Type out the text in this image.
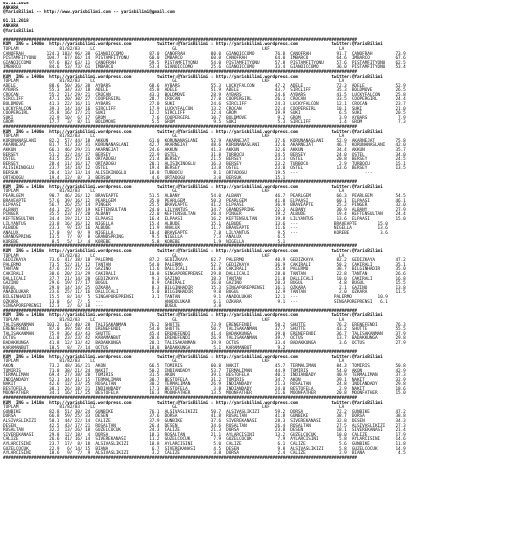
01.11.2018
ANKARA
@YarisBilimi -- http://www.yarisbilimi.com -- yarisbilimi@gmail.com
01.11.2018
ANKARA
@YarisBilimi
##########################################################################################################################################
KUM  ING = 1400m  http://yarisbilimi.wordpress.com          twitter:@YarisBilimi : http://yarisbilimi.wordpress.com             twitter:@YarisBilimi
TOPLAM                81/82/83    LC                              GL                                 LKF                           LA
CANOFRAH         124.3 103/ 96/ 38  GIANOICCOMO          87.0  CANOFRAH          80.0  GIANOICCOMO        76.8  CANOFRAH          91.7  CANOFRAH         73.9
PISTAMFITYONU    104.7  67/ 66/ 14  PISTAMFITYONU        60.0  IMBARCO           60.0  CANOFRAH           64.0  IMBARCO           64.6  IMBARCO          67.6
GIANOICCOMO       97.6  82/ 63/ 11  CANOFRAH             59.5  PISTAMFITYONU     54.0  PISTAMFITYONU      57.8  PISTAMFITYONU     57.6  PISTAMFITYONU    62.5
IMBARCO           84.6  53/ 73/ 61  IMBARCO              53.4  GIANOICCOMO       25.6  GIANOICCOMO        33.4  GIANOICCOMO       36.0  PISTAMFITYONU    53.4
##########################################################################################################################################
KUM  ING = 1400m  http://yarisbilimi.wordpress.com          twitter:@YarisBilimi : http://yarisbilimi.wordpress.com             twitter:@YarisBilimi
TOPLAM                81/82/83    LC                              GL                                 LKF                           LA
ADELE             88.6  50/ 36/ 38  AYBARS               68.6  AYBARS            55.3  LUCKYFALCON        47.2  ADELE             72.3  ADELE            52.9
AYBARS            55.3  34/ 33/ 18  ADELE                45.8  ADELE             51.9  ADELE              43.7  SIRCLIFF          35.3  BOLDMOVE         26.5
CROCAN            55.2  21/ 29/ 21  CROCAN               43.3  BOLDMOVE          28.9  AYBARS             24.6  AYBARS            41.5  LUCKYFALCON      25.8
SIRCLIFF          47.1  20/ 30/ 27  COOPERGIRL           28.7  CROCAN            27.0  COOPERGIRL         26.1  CROCAN            33.5  COOPERGIRL       24.4
BOLDMOVE          41.3  22/ 16/ 11  AYBARS               27.0  SUKI              24.6  SIRCLIFF           24.3  LUCKYFALCON       12.1  CROCAN           23.7
LUCKYFALCON       39.3  14/ 14/ 16  SIRCLIFF             17.9  LUCKYFALCON       13.2  CROCAN             22.4  COOPERGIRL        10.1  SUKI             21.0
COOPERGIRL        35.8  16/ 17/ 21  SUKI                 12.2  SIRCLIFF          12.4  GROM               19.9  SUKI               6.5  SUKI             20.5
SUKI              32.9  10/  6/ 17  GROM                  7.6  COOPERGIRL        10.7  BOLDMOVE            9.2  GROM               3.9  AYBARS            7.9
GROM              17.7   3/  8/ 11  BOLDMOVE              5.5  GROM               9.5  SUKI                5.3  SIRCLIFF           1.4  GROM              7.3
##########################################################################################################################################
KUM  ING = 1400m  http://yarisbilimi.wordpress.com          twitter:@YarisBilimi : http://yarisbilimi.wordpress.com             twitter:@YarisBilimi
TOPLAM                81/82/83    LC                              GL                                 LKF                           LA
KORUNANASLANI     82.2  57/ 44/ 18  AKKUN                61.0  KORUNANASLANI     52.9  AKARNEJAT          37.6  KORUNANASLANI     52.9  AKARNEJAT        75.8
AKARNEJAT         81.7  51/ 33/ 31  KORUNANASLANI        42.7  AKARNEJAT         48.6  KORUNANASLANI      32.6  AKARNEJAT         46.7  KORUNANASLANI    42.0
AKKUN             66.1  46/ 29/ 21  AKARNEJAT            24.6  AKKUN             41.3  AKKUN              32.6  AKKUN             34.4  AKKUN            35.7
BERSEY            51.2  32/ 24/ 37  BERSEY               22.9  OSTEL             31.8  TURBOCU            24.5  BERSEY            24.0  OSTEL            34.0
OSTEL             43.5  35/ 17/ 16  ORTADOGU             21.4  BERSEY            21.5  BERSEY             23.3  OSTEL             20.8  BERSEY           24.5
BERSEY            28.4  11/ 16/ 17  ORTADOGU             20.1  ALISIKINOGLU      16.3  BERSEY             23.2  TURBOCU            2.9  TURBOCU          15.1
ALISIKINOGLU      23.7  14/ 14/ 12  OSTEL                19.4  BERSEY            13.8  OSTEL              23.0  OSTEL             13.6  BERSEY           13.5
BERSUK            20.4  13/ 13/ 14  ALISIKINOGLU         18.8  TURBOCU            8.1  ORTADOGU           19.5  ---                          ---
ORTADOGU          19.4  12/  8/  3  BERSUK                4.6  ORTADOGU           3.0  BERSUK             15.1
##########################################################################################################################################
KUM  ING = 1410m  http://yarisbilimi.wordpress.com          twitter:@YarisBilimi : http://yarisbilimi.wordpress.com             twitter:@YarisBilimi
TOPLAM                81/82/83    LC                              GL                                 LKF                           LA
PEARLGEM          90.7  46/ 26/ 12  BRAVEAPTE            51.5  ALBANY            54.0  ALBANY             46.7  PEARLGEM          66.3  PEARLGEM         54.5
BRAVEAPTE         57.6  39/ 16/ 12  PEARLGEM             35.0  PEARLGEM          50.3  PEARLGEM           41.0  ELPAASI           60.1  ELPAASI          46.1
ELPAASI           56.7  26/ 25/ 14  PINGER               25.5  BRAVEAPTE         41.2  ELPAASI            36.9  BRAVEAPTE         25.2  PINGER           32.0
ALBANY            44.1  25/ 19/ 19  KEFTENSULTAN         24.0  LILYANTUS         34.7  GRANDSPRING        22.3  ALBANY            30.9  ALBANY           27.9
PINGER            35.5  23/ 17/ 20  ALBANY               22.0  KEFTENSULTAN      20.4  PINGER             19.2  ALBUDE            19.4  KEFTENSULTAN     24.4
KEFTENSULTAN      34.4  19/ 21/ 12  ELPAASI              16.4  ELPAASI           16.2  KEFTENSULTAN       19.8  LILYANTUS         13.6  ELPAASI          15.0
LILYANTUS         23.8  16/ 16/ 12  NIGELLA              15.4  ALBUDE            15.1  ALBUDE             13.6  ---              BRAVEAPTE        15.0
ALBUDE            23.3   9/ 13/ 16  ALBUDE               11.9  ANALUX            11.7  BRAVEAPTE          11.6  ---              NIGELLA          13.6
ANALUX            17.0   9/  9/  9  NIGELLA              10.4  BRAVEAPTE          7.8  LILYANTUS           9.5  ---              KOREBE            3.6
GRANDSPRING       13.5   7/  9/  8  GRANDSPRING           9.5  NIGELLA            7.3  ANALUX              6.5
KOREBE             8.5   5/  1/  4  KOREBE                5.8  KOREBE             1.9  NIGELLA             5.1
##########################################################################################################################################
KUM  ING = 1410m  http://yarisbilimi.wordpress.com          twitter:@YarisBilimi : http://yarisbilimi.wordpress.com             twitter:@YarisBilimi
TOPLAM                81/82/83    LC                              GL                                 LKF                           LA
GEDIZKAYA         73.6  41/ 38/ 18  PALERMO              87.2  GEDIZKAYA         62.7  PALERMO            40.9  GEDIZKAYA         82.2  GEDIZKAYA        47.2
PALERMO           73.5  52/ 31/ 12  TANTAN               54.0  PALERMO           52.7  GEDIZKAYA          36.9  CAKIRALI          50.2  CAKIRALI         35.1
TANTAN            47.6  37/ 37/ 23  GAZINO               11.6  DALLICALI         31.8  CAKIRALI           35.8  PALERMO           38.7  BILGINHADIR      35.0
CAKIRALI          38.6  20/ 23/ 29  CAKIRALI             10.8  SINGAPOREPRENSI   29.8  DALLICALI          28.0  TANTAN            22.8  TANTAN           26.6
DALLICALI         37.7  21/ 14/ 28  GEDIZKAYA             9.3  GAZINO            18.3  TANTAN             21.8  DALLICALI         10.0  CAKIRALI         16.8
GAZINO            29.6  19/ 17/ 17  BUGUL                 8.9  CAKIRALI          16.0  GAZINO             20.3  BUGUL              4.8  BUGUL            15.5
BUGUL             29.0  14/ 14/ 25  OZKARA                8.3  BILGINHADIR       15.3  SINGAPOREPRENSI    16.1  OZKARA             2.1  GAZINO           13.8
ANADOLUKAR        23.6  25/ 11/ 16  DALLICALI             5.0  BILGINHADIR        9.8  BUGUL              12.9  TANTAN             2.0  OZKARA           11.5
BILGINHADIR       15.5   8/ 14/  5  SINGAPOREPRENSI       3.1  TANTAN             9.1  ANADOLUKAR         12.1  ---              PALERMO          10.9
OZKARA            13.0   6/  7/  5  ---                        ANADOLUKAR         6.1  OZKARA              9.1  ---              SINGAPOREPRENSI   6.1
SINGAPOREPRENSI   12.3   2/  6/ 18  ---                        BUGUL              3.8
##########################################################################################################################################
KUM  ING = 1410m  http://yarisbilimi.wordpress.com          twitter:@YarisBilimi : http://yarisbilimi.wordpress.com             twitter:@YarisBilimi
TOPLAM                81/82/83    LC                              GL                                 LKF                           LA
TALISAKANMAN     103.2  62/ 40/ 28  TALISAKANMAN         76.2  SHUTTE            73.9  ERENEFENDI         50.2  SHUTTE            76.2  ERENEFENDI       76.3
ERENEFENDI        87.0  39/ 58/ 44  ERENEFENDI           54.0  SHUTTE            50.7  TALISAKANMAN       37.7  SHUTTE            43.2  SHUTTE           55.5
TALISAKANMAN      75.9  36/ 43/ 43  SHUTTE               45.4  ERENEFENDI        41.4  BADAKKUNGA         39.0  ERENEFENDI        36.7  TALISAKANMAN     37.9
OCTUS             61.8  23/ 23/ 42  KARAMANBUT           28.6  ERENEFENDI        26.9  TALISAKANMAN       39.7  OCTUS             13.7  BADAKKUNGA       29.8
BADAKKUNGA        41.8  12/ 33/ 42  BADAKKUNGA           20.1  TALISAKANMAN      19.9  OCTUS              33.4  BADAKKUNGA         3.6  OCTUS            27.9
KARAMANBUT        18.5   8/  7/ 14  OCTUS                18.8  BADAKKUNGA         5.1  KARAMANBUT          9.2
##########################################################################################################################################
KUM  ING = 1410m  http://yarisbilimi.wordpress.com          twitter:@YarisBilimi : http://yarisbilimi.wordpress.com             twitter:@YarisBilimi
TOPLAM                81/82/83    LC                              GL                                 LKF                           LA
AKON              73.2  48/ 36/ 21  AKON                 66.5  TOMIRIS           60.8  NAKIT              45.7  TERMALIMAN        84.3  TOMIRIS          50.8
TOMIRIS           71.8  38/ 21/ 24  NAKIT                50.2  INDIANDADY        53.7  TERMALIMAN         44.9  TOMIRIS           54.0  AKON             42.9
TERMALIMAN        69.4  27/ 38/ 20  TOMIRIS              31.5  AKON              39.1  BESTOFELA          40.1  INDIANDADY        40.9  TERMALIMAN       37.3
INDIANDADY        52.1  34/ 31/ 15  TERMALIMAN           30.7  BESTOFELA         31.2  TOMIRIS            34.7  AKON              39.1  NAKIT            32.9
NAKIT             42.6  12/ 23/ 25  ROSALTAN             30.2  TERMALIMAN        26.9  INDIANDADY         21.3  ROSALTAN          24.8  INDIANDADY       29.8
BESTOFELA         38.1  26/ 18/ 21  INDIANDADY           17.3  BESTOFELA          3.8  INDIANDADY         24.0  BESTOFELA          2.9  NAKIT            18.6
MOONFATHER        34.1  16/ 11/ 25  BESTOFELA            16.3  MOONFATHER        13.5  MOONFATHER         21.6  MOONFATHER        20.8  MOONFATHER       15.0
##########################################################################################################################################
KUM  ING = 1410m  http://yarisbilimi.wordpress.com          twitter:@YarisBilimi : http://yarisbilimi.wordpress.com             twitter:@YarisBilimi
TOPLAM                81/82/83    LC                              GL                                 LKF                           LA
GUNBIKE           82.8  51/ 30/ 24  GUNBIKE              76.1  ALSIVASLIKIZI     50.7  ALSIVASLIKIZI      59.2  DORSA             72.2  GUNBIKE          47.2
DORSA             66.8  59/ 25/ 33  DESEN                37.6  DORSA             41.8  ROSALTAN           41.8  GUNBIKE           38.7  DORSA            38.8
ALSIVASLIKIZI     50.1  44/ 22/ 14  CALIZE               37.9  GUNBIKE           37.6  SIVEREKANASI       28.3  SIVEREKANASI      32.8  DESEN            34.3
DESEN             42.5  43/ 17/ 21  ROSALTAN             26.4  DESEN             34.6  ROSALTAN           26.4  ROSALTAN          27.5  ALSIVASLIKIZI    27.3
ROSALTAN          32.2  13/ 26/ 18  GUZELCOCUK           24.3  CALIZE            21.3  DORSA              23.8  DESEN             18.1  SIVEREKANASI     21.4
SIVEREKANASI      29.8  12/ 18/  4  DORSA                18.3  ROSALTAN          21.1  AYLARCISINI        13.2  GUZELCOCUK        10.0  CALIZE           17.9
CALIZE            26.6  41/ 16/ 14  SIVEREKANASI         11.2  GUZELCOCUK         7.9  GUZELCOCUK          7.9  AYLARCISINI        5.8  AYLARCISINI      14.6
AYLARCISINI       23.7  17/  8/ 18  ALSIVASLIKIZI        10.8  AYLARCISINI        5.0  CALIZE              6.1  CALIZE             5.6  GUNBIKE          11.8
GUZELCOCUK        22.9   6/ 14/ 15  BIANA                 6.7  SIVEREKANASI       4.5  DESEN               9.8  ALSIVASLIKIZI      5.8  GUZELCOCUK       14.9
AYLARCISINI       18.6   9/  7/  9  ALSIVASLIKIZI         3.2  CALIZE             3.8  DORSA               2.4  CALIZE             2.9  BIANA             4.5
##########################################################################################################################################
